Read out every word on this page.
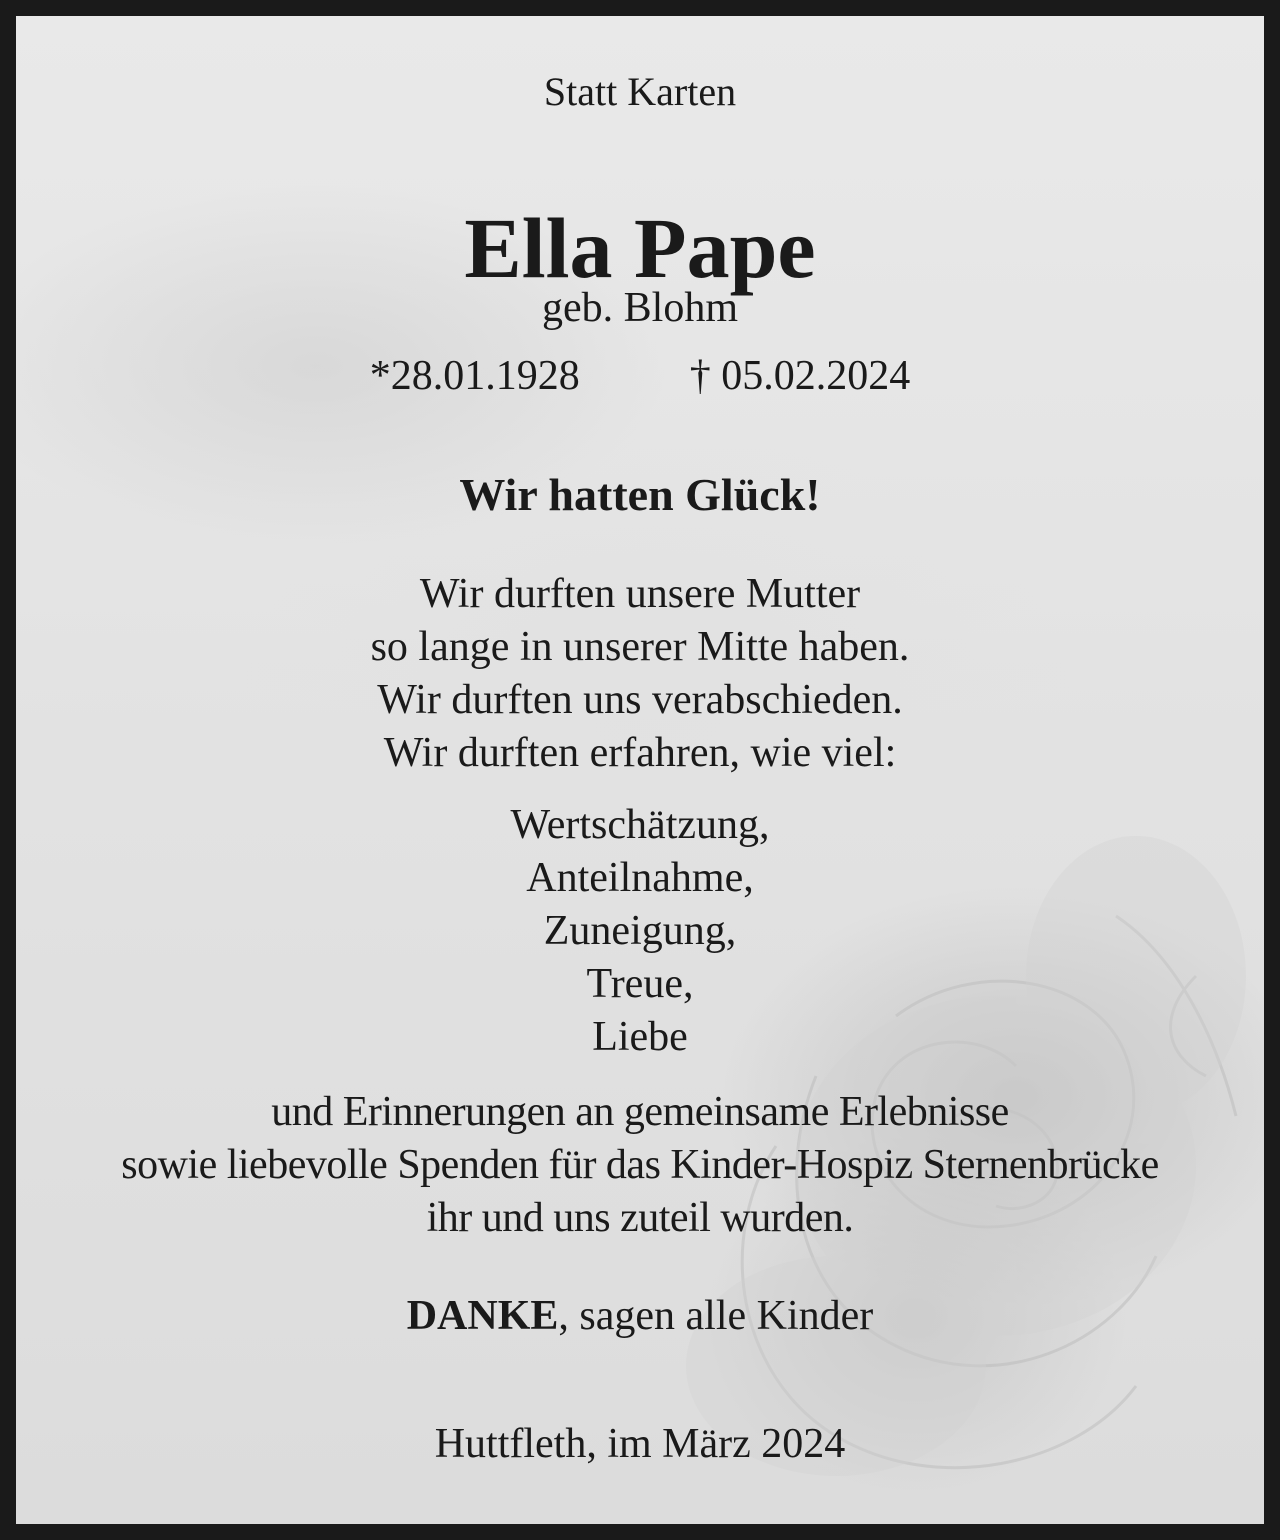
Statt Karten
Ella Pape
geb. Blohm
*28.01.1928	† 05.02.2024
Wir hatten Glück!
Wir durften unsere Mutter
so lange in unserer Mitte haben.
Wir durften uns verabschieden.
Wir durften erfahren, wie viel:
Wertschätzung,
Anteilnahme,
Zuneigung,
Treue,
Liebe
und Erinnerungen an gemeinsame Erlebnisse
sowie liebevolle Spenden für das Kinder-Hospiz Sternenbrücke
ihr und uns zuteil wurden.
DANKE, sagen alle Kinder
Huttfleth, im März 2024
